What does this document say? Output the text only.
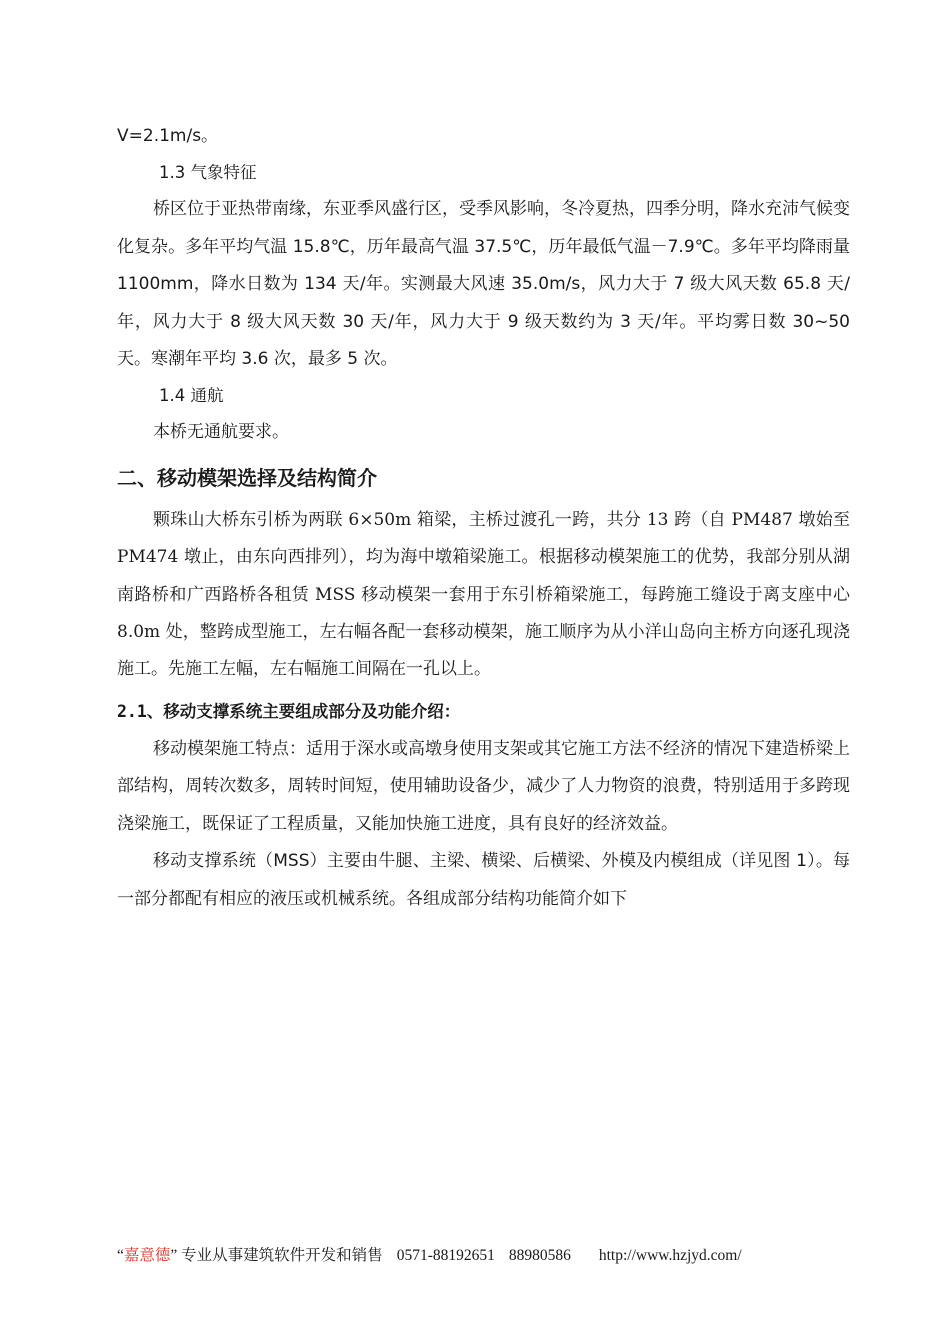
V=2.1m/s。

1.3 气象特征

桥区位于亚热带南缘，东亚季风盛行区，受季风影响，冬冷夏热，四季分明，降水充沛气候变化复杂。多年平均气温 15.8℃，历年最高气温 37.5℃，历年最低气温－7.9℃。多年平均降雨量 1100mm，降水日数为 134 天/年。实测最大风速 35.0m/s，风力大于 7 级大风天数 65.8 天/年，风力大于 8 级大风天数 30 天/年，风力大于 9 级天数约为 3 天/年。平均雾日数 30~50 天。寒潮年平均 3.6 次，最多 5 次。

1.4 通航

本桥无通航要求。

二、移动模架选择及结构简介

颗珠山大桥东引桥为两联 6×50m 箱梁，主桥过渡孔一跨，共分 13 跨（自 PM487 墩始至 PM474 墩止，由东向西排列），均为海中墩箱梁施工。根据移动模架施工的优势，我部分别从湖南路桥和广西路桥各租赁 MSS 移动模架一套用于东引桥箱梁施工，每跨施工缝设于离支座中心 8.0m 处，整跨成型施工，左右幅各配一套移动模架，施工顺序为从小洋山岛向主桥方向逐孔现浇施工。先施工左幅，左右幅施工间隔在一孔以上。

2.1、移动支撑系统主要组成部分及功能介绍：

移动模架施工特点：适用于深水或高墩身使用支架或其它施工方法不经济的情况下建造桥梁上部结构，周转次数多，周转时间短，使用辅助设备少，减少了人力物资的浪费，特别适用于多跨现浇梁施工，既保证了工程质量，又能加快施工进度，具有良好的经济效益。

移动支撑系统（MSS）主要由牛腿、主梁、横梁、后横梁、外模及内模组成（详见图 1）。每一部分都配有相应的液压或机械系统。各组成部分结构功能简介如下

“嘉意德” 专业从事建筑软件开发和销售 0571-88192651 88980586 http://www.hzjyd.com/
